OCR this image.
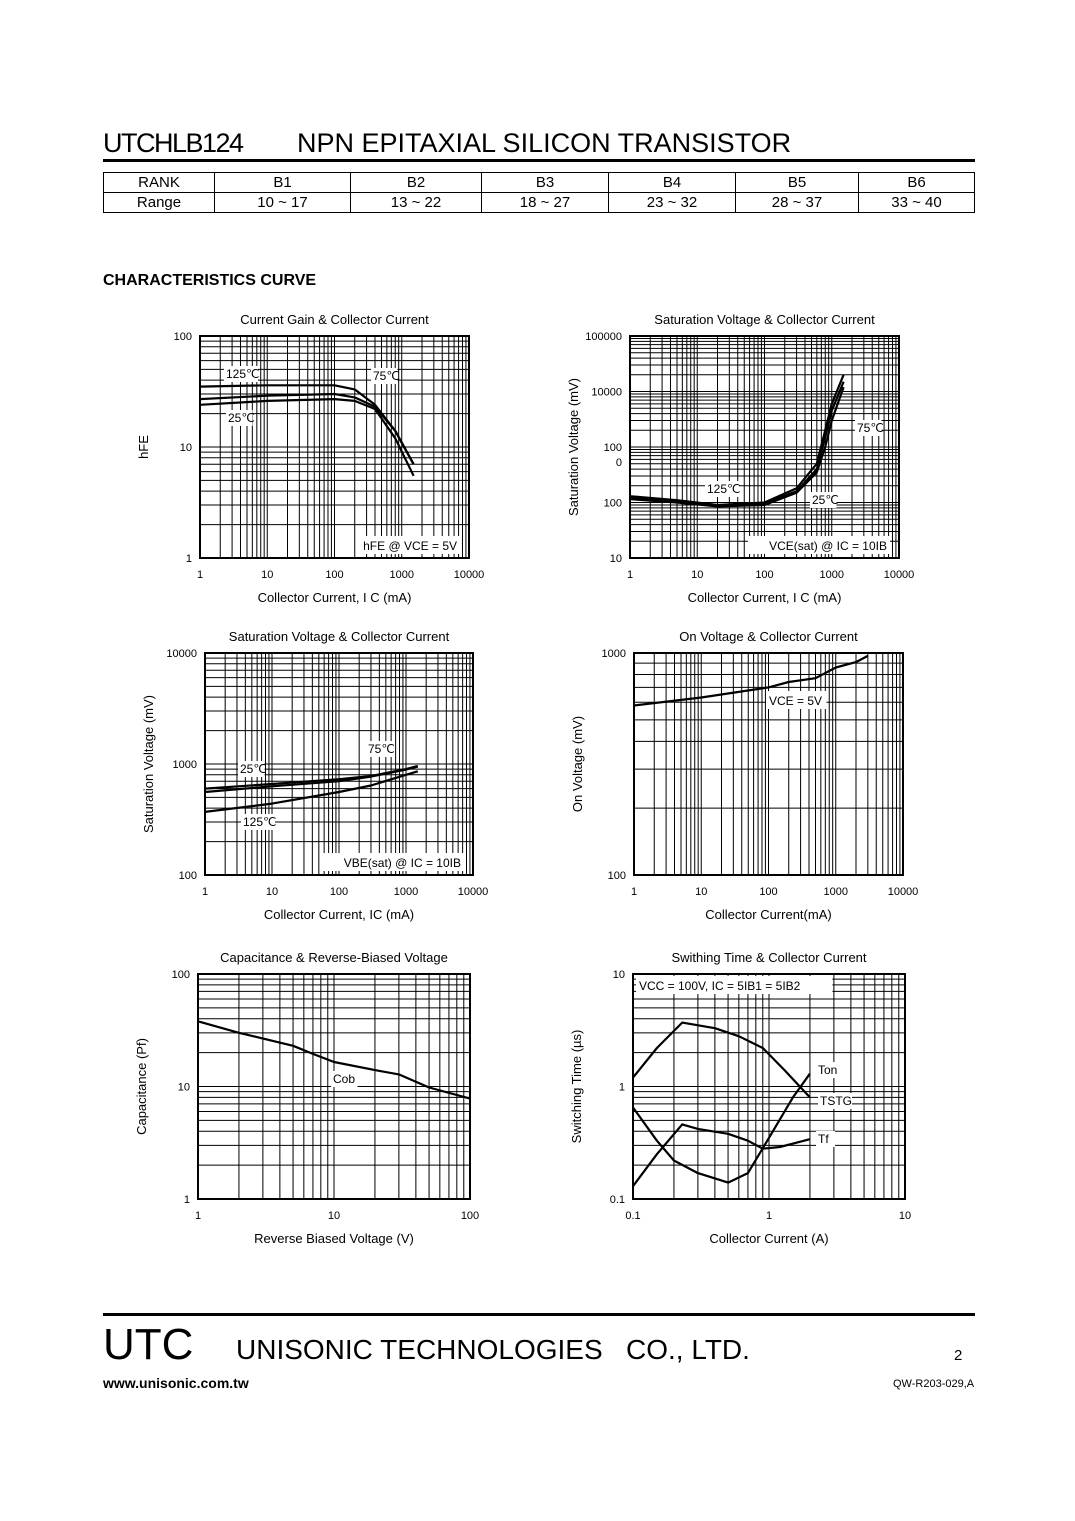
UTCHLB124 NPN EPITAXIAL SILICON TRANSISTOR
RANK	B1	B2	B3	B4	B5	B6
Range	10 ~ 17	13 ~ 22	18 ~ 27	23 ~ 32	28 ~ 37	33 ~ 40
CHARACTERISTICS CURVE
Current Gain & Collector Current
1	10	100	1000	10000
1
10
100
Collector Current, I C (mA)
hFE
hFE @ VCE = 5V
Saturation Voltage & Collector Current
1	10	100	1000	10000
10
100
100
0
10000
100000
Collector Current, I C (mA)
Saturation Voltage (mV)
VCE(sat) @ IC = 10IB
Saturation Voltage & Collector Current
1	10	100	1000	10000
100
1000
10000
Collector Current, IC (mA)
Saturation Voltage (mV)
VBE(sat) @ IC = 10IB
On Voltage & Collector Current
1	10	100	1000	10000
100
1000
Collector Current(mA)
On Voltage (mV)
VCE = 5V
Capacitance & Reverse-Biased Voltage
1	10	100
1
10
100
Reverse Biased Voltage (V)
Capacitance (Pf)
Swithing Time & Collector Current
0.1	1	10
0.1
1
10
Collector Current (A)
Switching Time (µs)
VCC = 100V, IC = 5IB1 = 5IB2
125℃	75℃
25℃
75℃
125℃
25℃
75℃
25℃
125℃
Cob
Ton
TSTG
Tf
UTC UNISONIC TECHNOLOGIES   CO., LTD.	2
www.unisonic.com.tw	QW-R203-029,A
